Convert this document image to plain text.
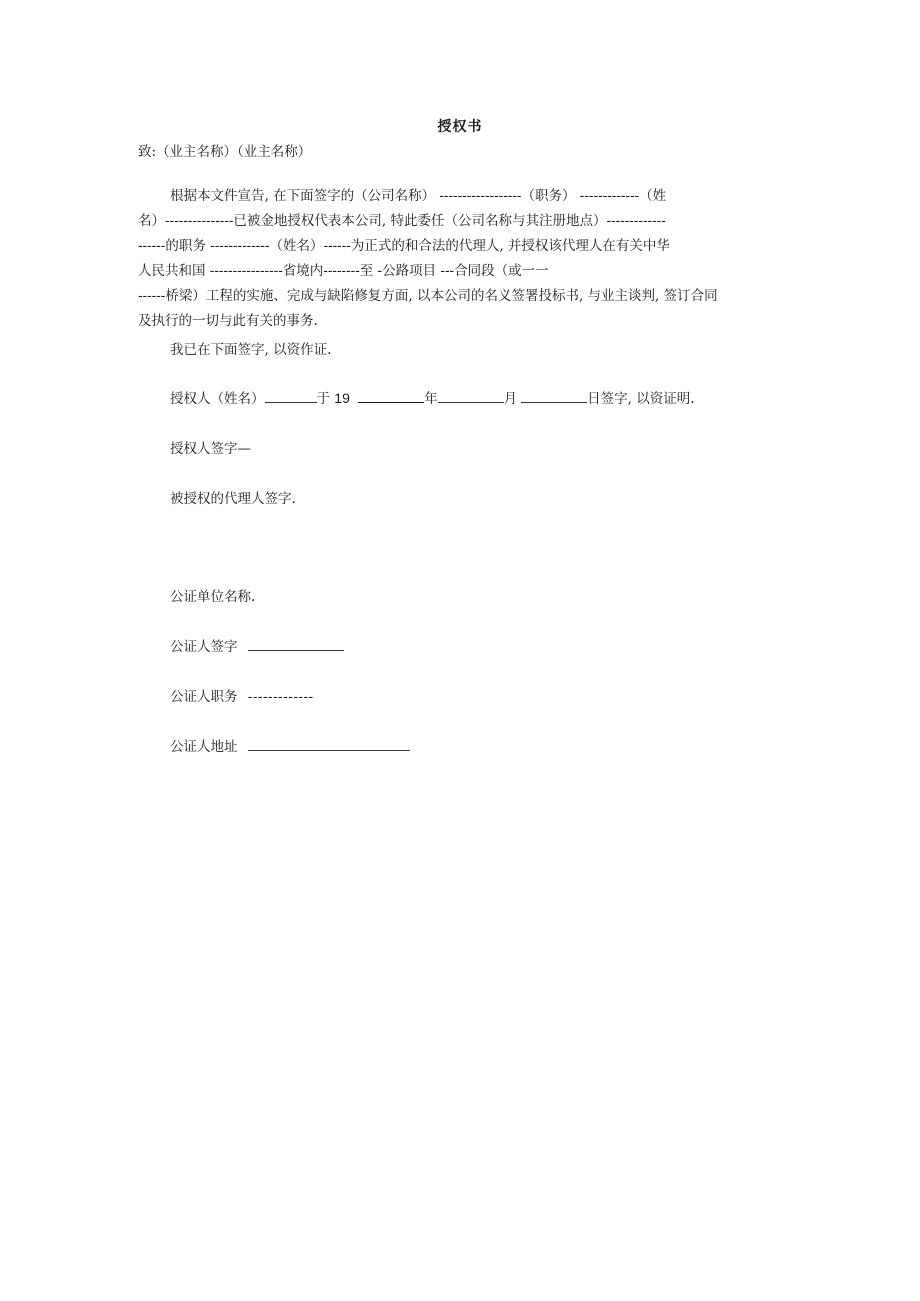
授权书
致:（业主名称）（业主名称）
根据本文件宣告, 在下面签字的（公司名称） ------------------（职务） -------------（姓
名）---------------已被金地授权代表本公司, 特此委任（公司名称与其注册地点）-------------
------的职务 -------------（姓名）------为正式的和合法的代理人, 并授权该代理人在有关中华
人民共和国 ----------------省境内--------至 -公路项目 ---合同段（或一一
------桥梁）工程的实施、完成与缺陷修复方面, 以本公司的名义签署投标书, 与业主谈判, 签订合同
及执行的一切与此有关的事务.
我已在下面签字, 以资作证.
授权人（姓名）	于 19	年	月	日签字, 以资证明.
授权人签字—
被授权的代理人签字.
公证单位名称.
公证人签字
公证人职务 -------------
公证人地址
